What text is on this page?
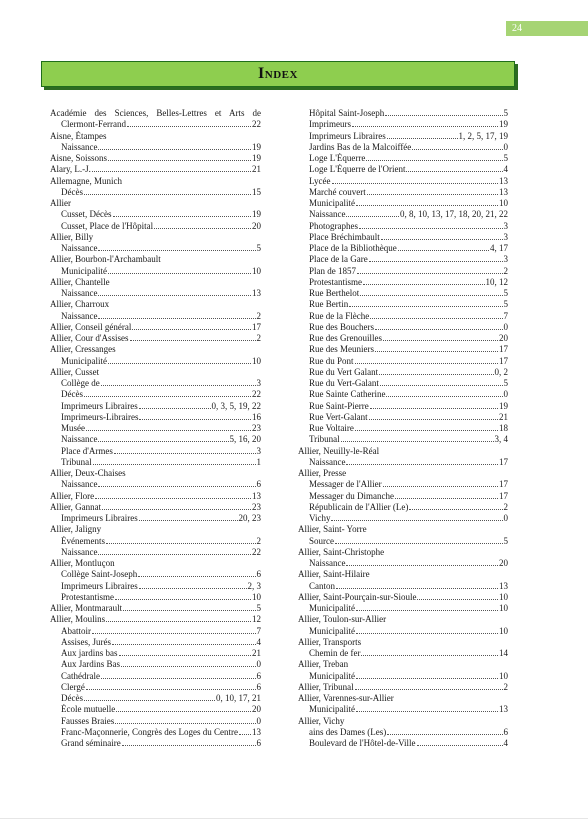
24
Index
Académie des Sciences, Belles-Lettres et Arts de
Clermont-Ferrand	22
Aisne, Étampes
Naissance	19
Aisne, Soissons	19
Alary, L.-J.	21
Allemagne, Munich
Décès	15
Allier
Cusset, Décès	19
Cusset, Place de l'Hôpital	20
Allier, Billy
Naissance	5
Allier, Bourbon-l'Archambault
Municipalité	10
Allier, Chantelle
Naissance	13
Allier, Charroux
Naissance	2
Allier, Conseil général	17
Allier, Cour d'Assises	2
Allier, Cressanges
Municipalité	10
Allier, Cusset
Collège de	3
Décès	22
Imprimeurs Libraires	0, 3, 5, 19, 22
Imprimeurs-Libraires	16
Musée	23
Naissance	5, 16, 20
Place d'Armes	3
Tribunal	1
Allier, Deux-Chaises
Naissance	6
Allier, Flore	13
Allier, Gannat	23
Imprimeurs Libraires	20, 23
Allier, Jaligny
Événements	2
Naissance	22
Allier, Montluçon
Collège Saint-Joseph	6
Imprimeurs Libraires	2, 3
Protestantisme	10
Allier, Montmarault	5
Allier, Moulins	12
Abattoir	7
Assises, Jurés	4
Aux jardins bas	21
Aux Jardins Bas	0
Cathédrale	6
Clergé	6
Décès	0, 10, 17, 21
École mutuelle	20
Fausses Braies	0
Franc-Maçonnerie, Congrès des Loges du Centre 13
Grand séminaire	6
Hôpital Saint-Joseph	5
Imprimeurs	19
Imprimeurs Libraires	1, 2, 5, 17, 19
Jardins Bas de la Malcoiffée	0
Loge L'Équerre	5
Loge L'Équerre de l'Orient	4
Lycée	13
Marché couvert	13
Municipalité	10
Naissance	0, 8, 10, 13, 17, 18, 20, 21, 22
Photographes	3
Place Bréchimbault	3
Place de la Bibliothèque	4, 17
Place de la Gare	3
Plan de 1857	2
Protestantisme	10, 12
Rue Berthelot	5
Rue Bertin	5
Rue de la Flèche	7
Rue des Bouchers	0
Rue des Grenouilles	20
Rue des Meuniers	17
Rue du Pont	17
Rue du Vert Galant	0, 2
Rue du Vert-Galant	5
Rue Sainte Catherine	0
Rue Saint-Pierre	19
Rue Vert-Galant	21
Rue Voltaire	18
Tribunal	3, 4
Allier, Neuilly-le-Réal
Naissance	17
Allier, Presse
Messager de l'Allier	17
Messager du Dimanche	17
Républicain de l'Allier (Le)	2
Vichy	0
Allier, Saint- Yorre
Source	5
Allier, Saint-Christophe
Naissance	20
Allier, Saint-Hilaire
Canton	13
Allier, Saint-Pourçain-sur-Sioule	10
Municipalité	10
Allier, Toulon-sur-Allier
Municipalité	10
Allier, Transports
Chemin de fer	14
Allier, Treban
Municipalité	10
Allier, Tribunal	2
Allier, Varennes-sur-Allier
Municipalité	13
Allier, Vichy
ains des Dames (Les)	6
Boulevard de l'Hôtel-de-Ville	4
